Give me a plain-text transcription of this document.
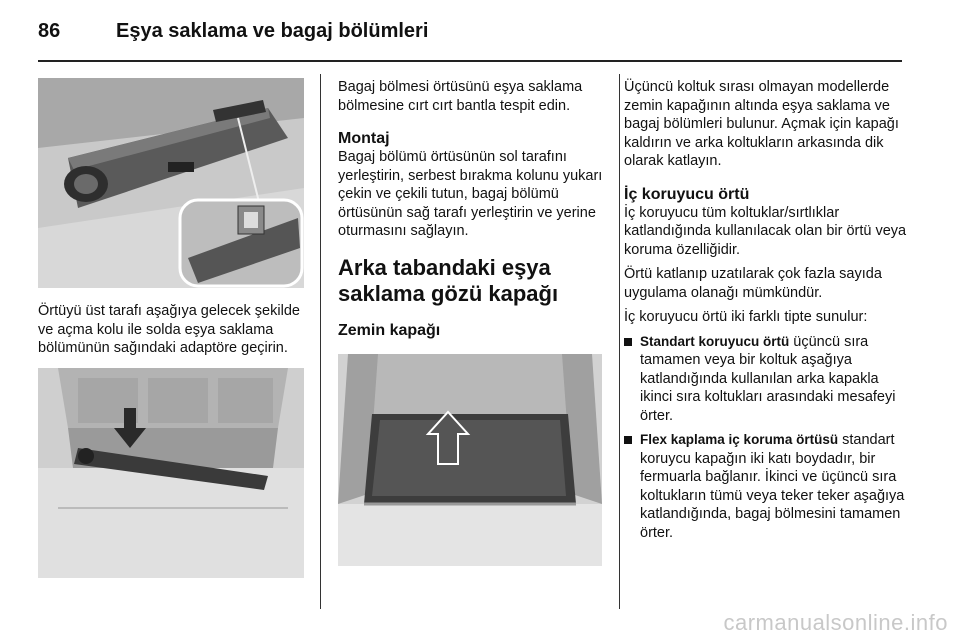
86	Eşya saklama ve bagaj bölümleri

Örtüyü üst tarafı aşağıya gelecek şekilde ve açma kolu ile solda eşya saklama bölümünün sağındaki adaptöre geçirin.

Bagaj bölmesi örtüsünü eşya saklama bölmesine cırt cırt bantla tespit edin.

Montaj

Bagaj bölümü örtüsünün sol tarafını yerleştirin, serbest bırakma kolunu yukarı çekin ve çekili tutun, bagaj bölümü örtüsünün sağ tarafı yerleştirin ve yerine oturmasını sağlayın.

Arka tabandaki eşya saklama gözü kapağı
Zemin kapağı

Üçüncü koltuk sırası olmayan modellerde zemin kapağının altında eşya saklama ve bagaj bölümleri bulunur. Açmak için kapağı kaldırın ve arka koltukların arkasında dik olarak katlayın.

İç koruyucu örtü

İç koruyucu tüm koltuklar/sırtlıklar katlandığında kullanılacak olan bir örtü veya koruma özelliğidir.

Örtü katlanıp uzatılarak çok fazla sayıda uygulama olanağı mümkündür.

İç koruyucu örtü iki farklı tipte sunulur:

Standart koruyucu örtü üçüncü sıra tamamen veya bir koltuk aşağıya katlandığında kullanılan arka kapakla ikinci sıra koltukları arasındaki mesafeyi örter.
Flex kaplama iç koruma örtüsü standart koruycu kapağın iki katı boydadır, bir fermuarla bağlanır. İkinci ve üçüncü sıra koltukların tümü veya teker teker aşağıya katlandığında, bagaj bölmesini tamamen örter.
carmanualsonline.info
